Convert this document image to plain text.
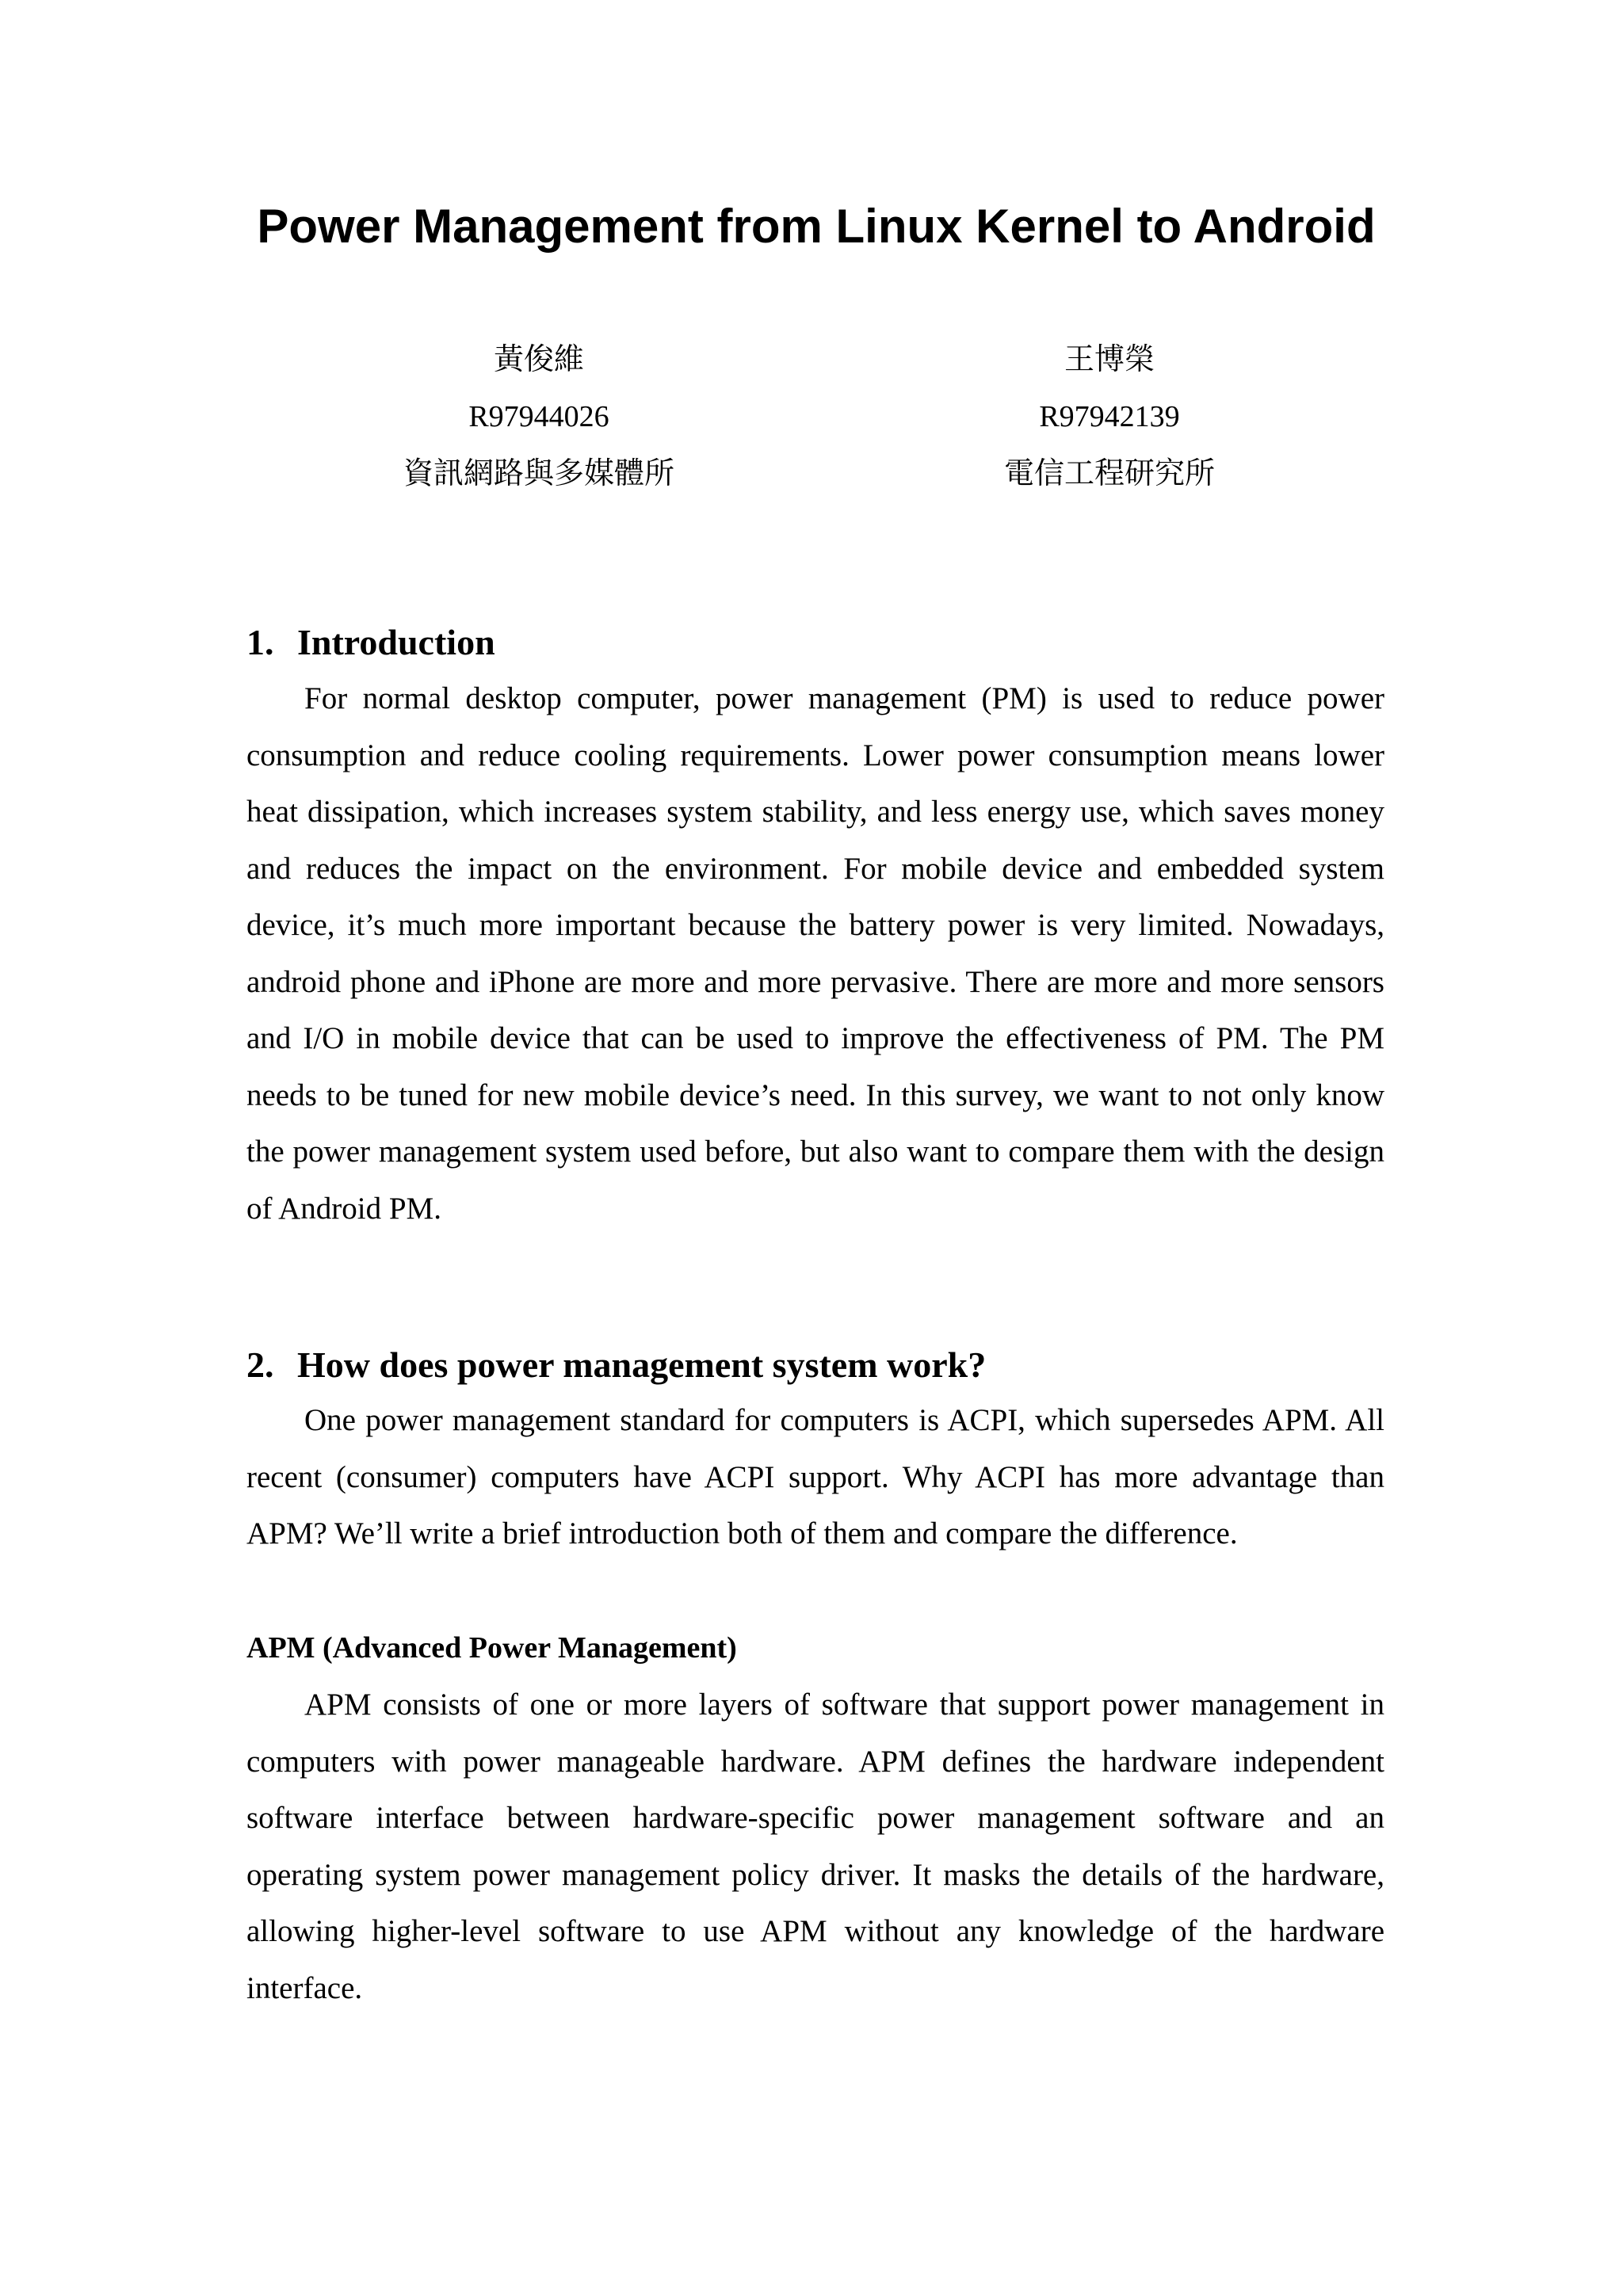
Power Management from Linux Kernel to Android
黃俊維
R97944026
資訊網路與多媒體所
王博榮
R97942139
電信工程研究所
1. Introduction

For normal desktop computer, power management (PM) is used to reduce power consumption and reduce cooling requirements. Lower power consumption means lower heat dissipation, which increases system stability, and less energy use, which saves money and reduces the impact on the environment. For mobile device and embedded system device, it’s much more important because the battery power is very limited. Nowadays, android phone and iPhone are more and more pervasive. There are more and more sensors and I/O in mobile device that can be used to improve the effectiveness of PM. The PM needs to be tuned for new mobile device’s need. In this survey, we want to not only know the power management system used before, but also want to compare them with the design of Android PM.

2. How does power management system work?

One power management standard for computers is ACPI, which supersedes APM. All recent (consumer) computers have ACPI support. Why ACPI has more advantage than APM? We’ll write a brief introduction both of them and compare the difference.

APM (Advanced Power Management)

APM consists of one or more layers of software that support power management in computers with power manageable hardware. APM defines the hardware independent software interface between hardware-specific power management software and an operating system power management policy driver. It masks the details of the hardware, allowing higher-level software to use APM without any knowledge of the hardware interface.
